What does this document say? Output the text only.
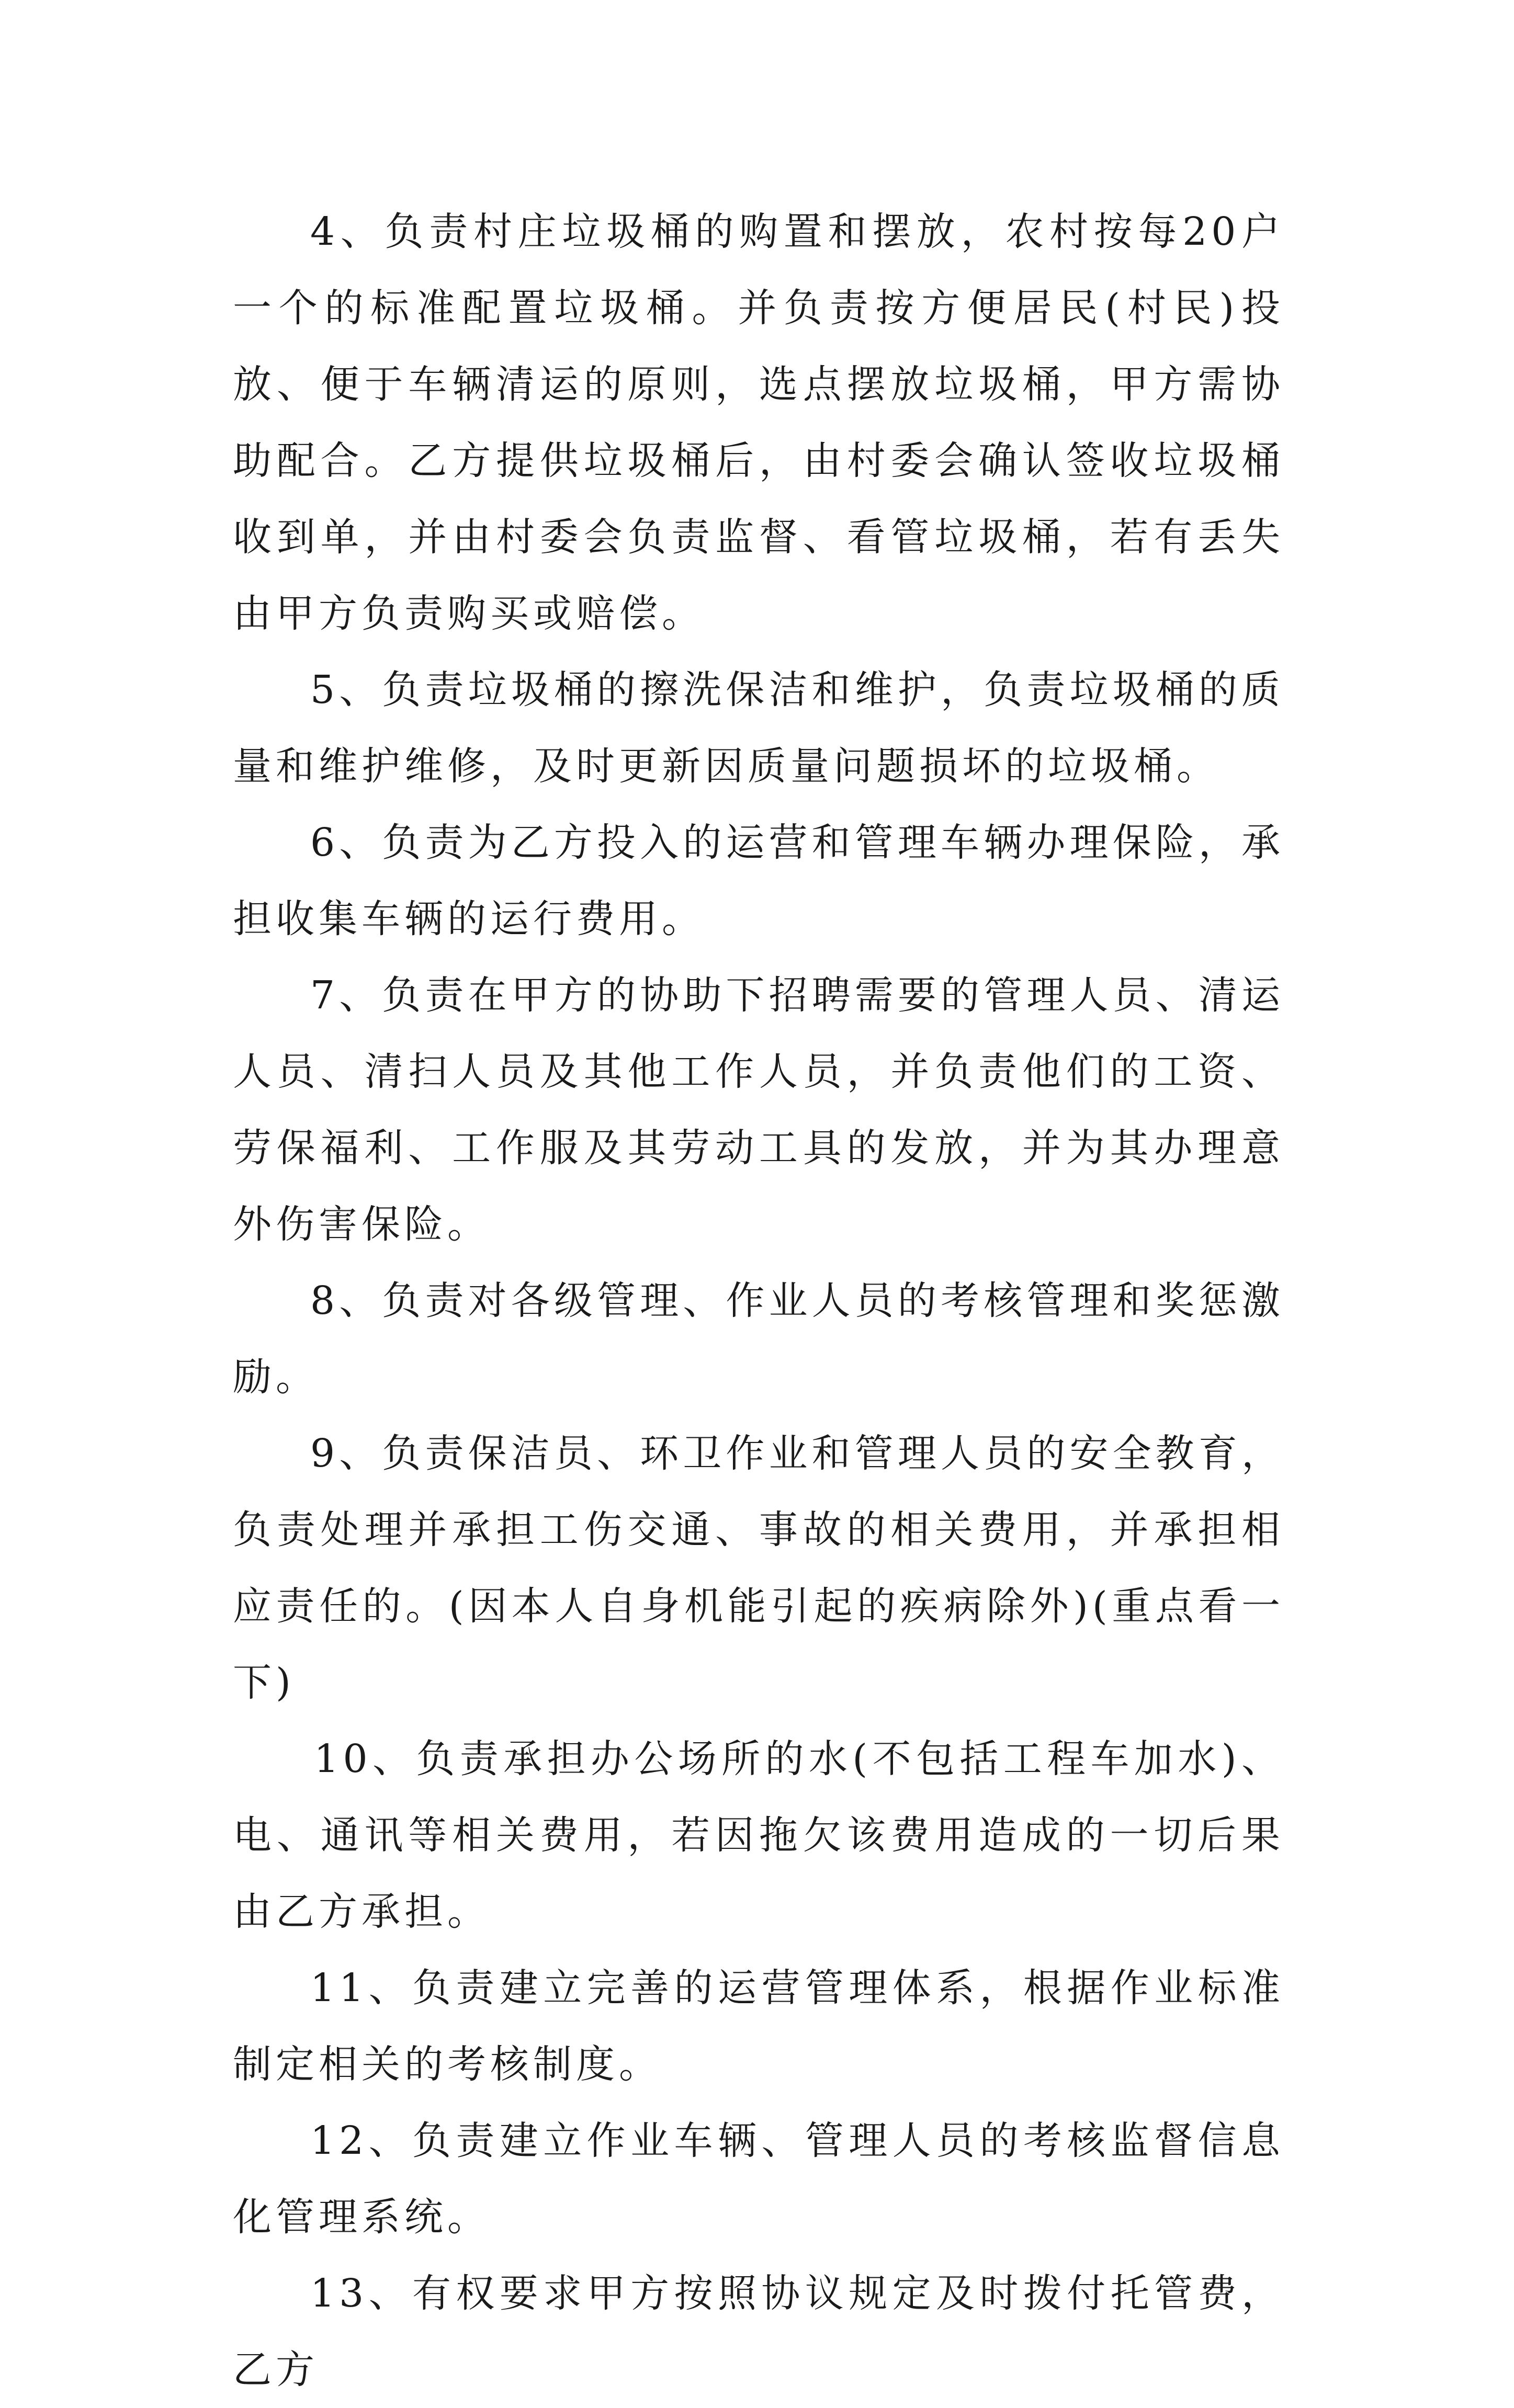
4、负责村庄垃圾桶的购置和摆放，农村按每20户一个的标准配置垃圾桶。并负责按方便居民(村民)投放、便于车辆清运的原则，选点摆放垃圾桶，甲方需协助配合。乙方提供垃圾桶后，由村委会确认签收垃圾桶收到单，并由村委会负责监督、看管垃圾桶，若有丢失由甲方负责购买或赔偿。

5、负责垃圾桶的擦洗保洁和维护，负责垃圾桶的质量和维护维修，及时更新因质量问题损坏的垃圾桶。

6、负责为乙方投入的运营和管理车辆办理保险，承担收集车辆的运行费用。

7、负责在甲方的协助下招聘需要的管理人员、清运人员、清扫人员及其他工作人员，并负责他们的工资、劳保福利、工作服及其劳动工具的发放，并为其办理意外伤害保险。

8、负责对各级管理、作业人员的考核管理和奖惩激励。

9、负责保洁员、环卫作业和管理人员的安全教育，负责处理并承担工伤交通、事故的相关费用，并承担相应责任的。(因本人自身机能引起的疾病除外)(重点看一下)

10、负责承担办公场所的水(不包括工程车加水)、电、通讯等相关费用，若因拖欠该费用造成的一切后果由乙方承担。

11、负责建立完善的运营管理体系，根据作业标准制定相关的考核制度。

12、负责建立作业车辆、管理人员的考核监督信息化管理系统。

13、有权要求甲方按照协议规定及时拨付托管费，乙方
